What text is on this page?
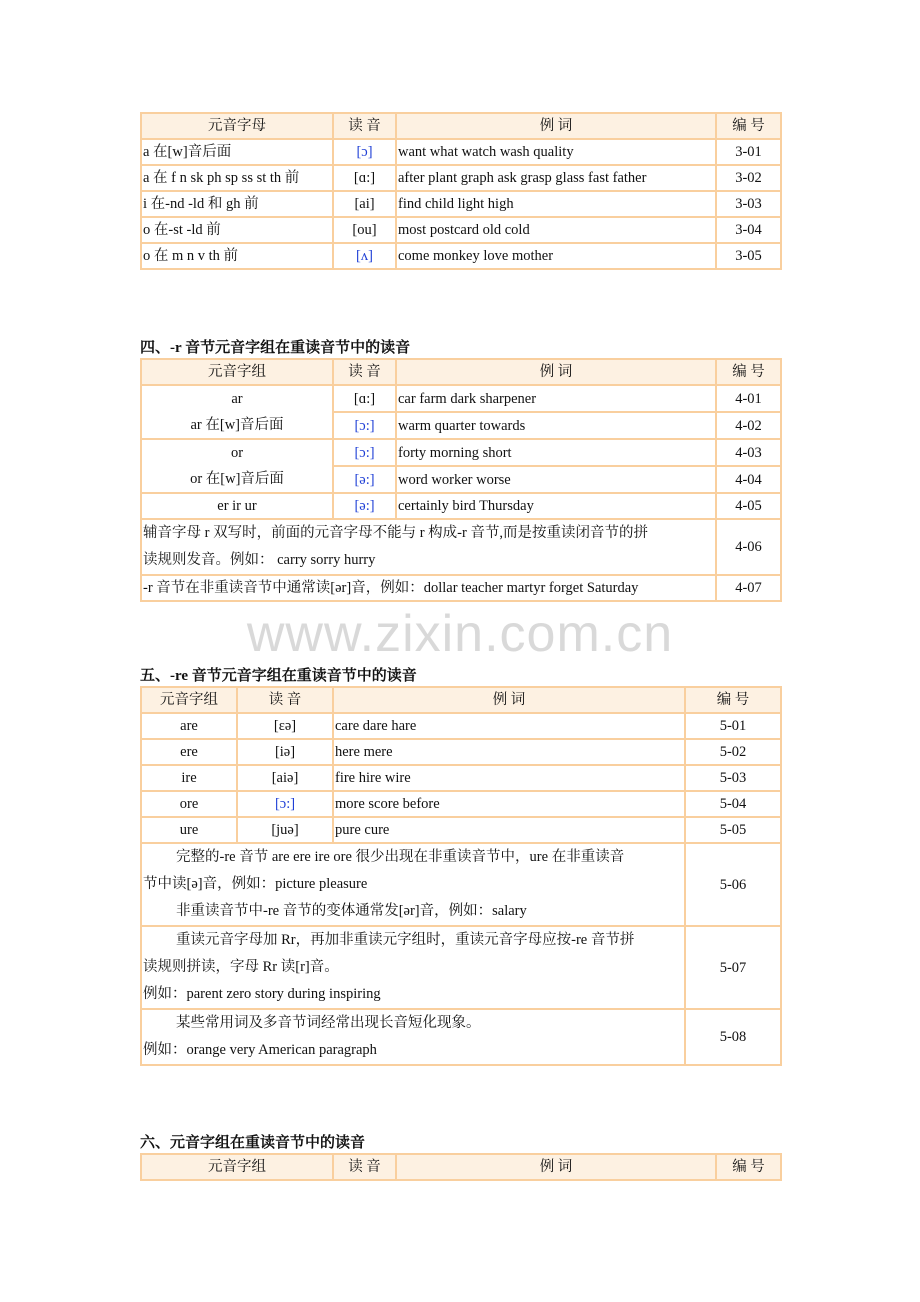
元音字母	读 音	例 词	编 号
a 在[w]音后面	[ɔ]	want what watch wash quality	3-01
a 在 f n sk ph sp ss st th 前	[ɑ:]	after plant graph ask grasp glass fast father	3-02
i 在-nd -ld 和 gh 前	[ai]	find child light high	3-03
o 在-st -ld 前	[ou]	most postcard old cold	3-04
o 在 m n v th 前	[ʌ]	come monkey love mother	3-05
四、-r 音节元音字组在重读音节中的读音
元音字组	读 音	例 词	编 号

ar
ar 在[w]音后面	[ɑ:]	car farm dark sharpener	4-01
	[ɔ:]	warm quarter towards	4-02

or
or 在[w]音后面	[ɔ:]	forty morning short	4-03
	[ə:]	word worker worse	4-04
er ir ur	[ə:]	certainly bird Thursday	4-05

辅音字母 r 双写时，前面的元音字母不能与 r 构成-r 音节,而是按重读闭音节的拼
读规则发音。例如： carry sorry hurry			4-06
-r 音节在非重读音节中通常读[ər]音，例如：dollar teacher martyr forget Saturday			4-07
www.zixin.com.cn
五、-re 音节元音字组在重读音节中的读音
元音字组	读 音	例 词	编 号
are	[εə]	care dare hare	5-01
ere	[iə]	here mere	5-02
ire	[aiə]	fire hire wire	5-03
ore	[ɔ:]	more score before	5-04
ure	[juə]	pure cure	5-05

完整的-re 音节 are ere ire ore 很少出现在非重读音节中，ure 在非重读音
节中读[ə]音，例如：picture pleasure
非重读音节中-re 音节的变体通常发[ər]音，例如：salary			5-06

重读元音字母加 Rr，再加非重读元字组时，重读元音字母应按-re 音节拼
读规则拼读，字母 Rr 读[r]音。
例如：parent zero story during inspiring			5-07

某些常用词及多音节词经常出现长音短化现象。
例如：orange very American paragraph			5-08
六、元音字组在重读音节中的读音
元音字组	读 音	例 词	编 号
